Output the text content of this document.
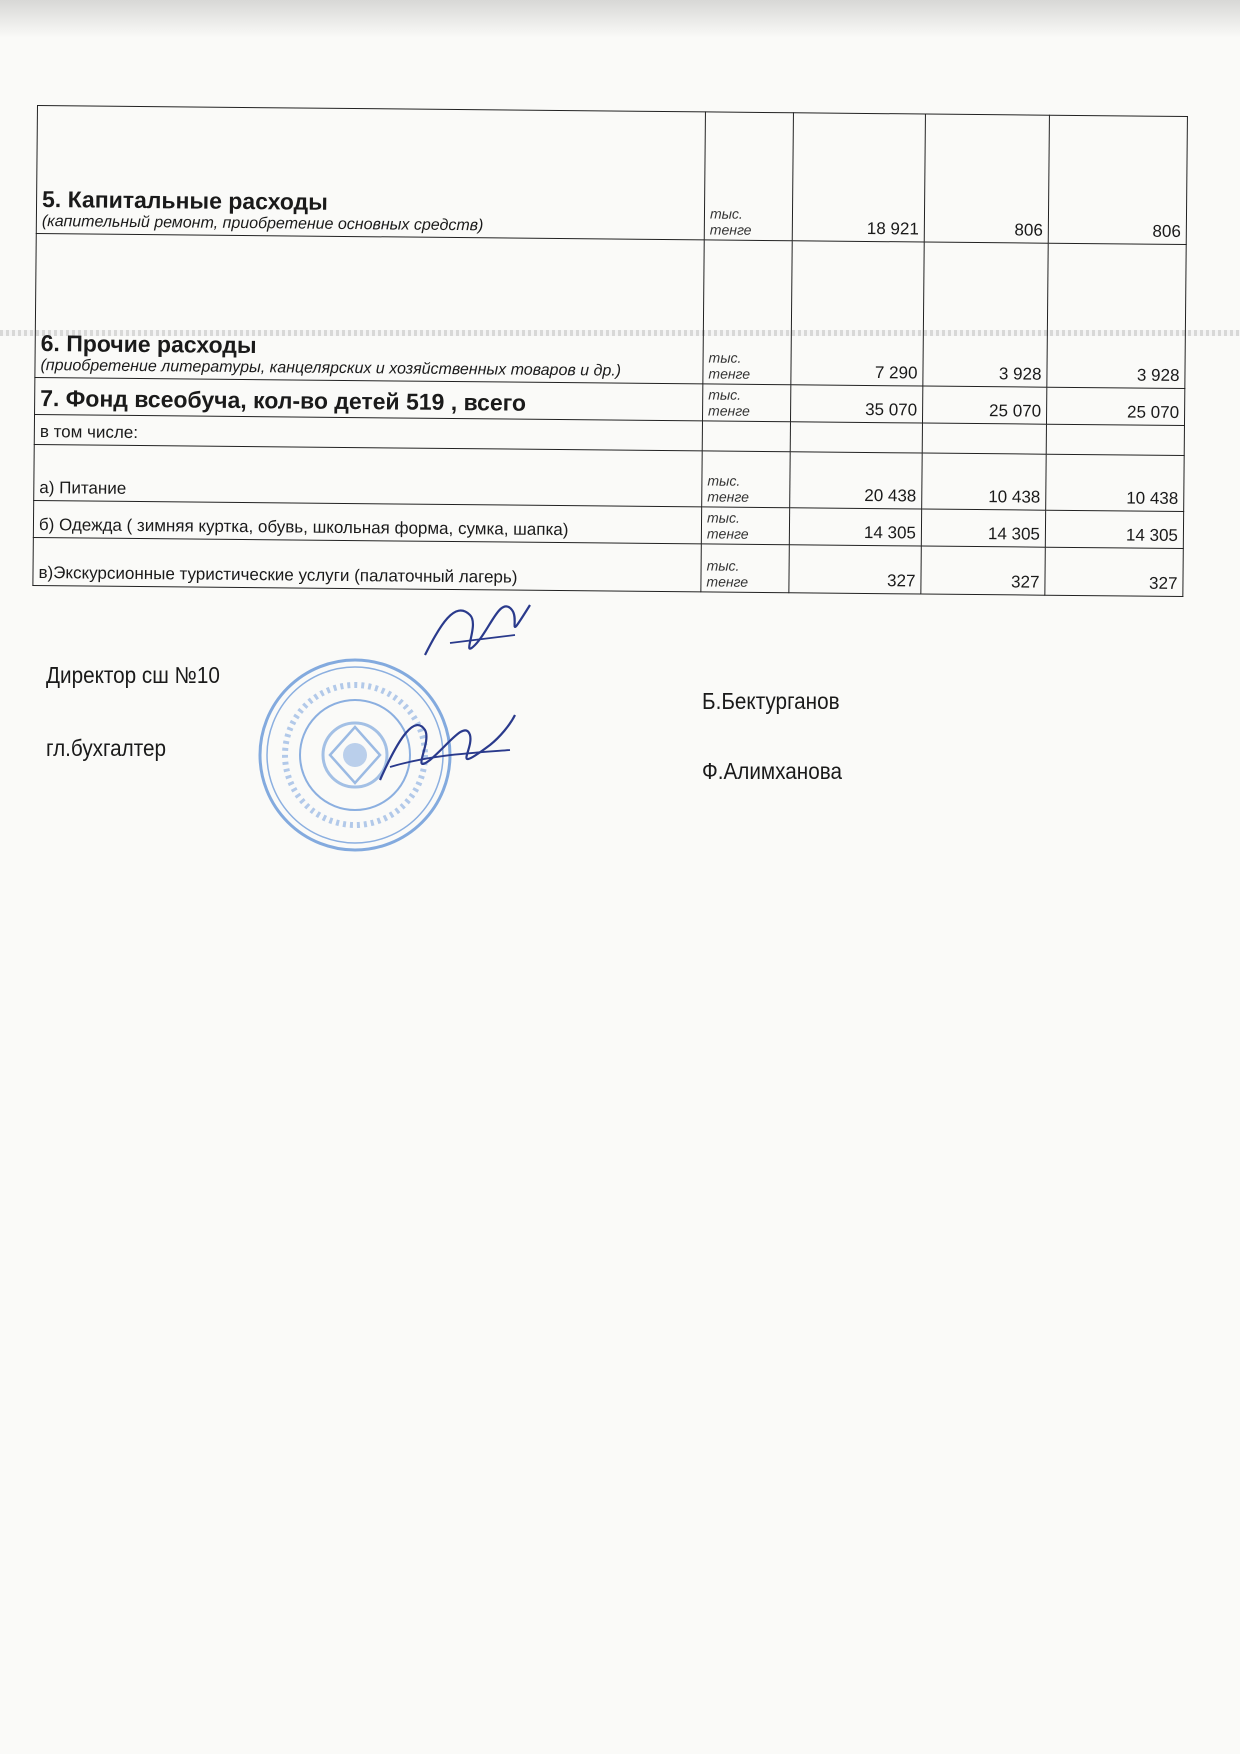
5. Капитальные расходы
(капительный ремонт, приобретение основных средств)	тыс. тенге	18 921	806	806

6. Прочие расходы
(приобретение литературы, канцелярских и хозяйственных товаров и др.)	тыс. тенге	7 290	3 928	3 928

7. Фонд всеобуча, кол-во детей 519 , всего	тыс. тенге	35 070	25 070	25 070
в том числе:				
а) Питание	тыс. тенге	20 438	10 438	10 438
б) Одежда ( зимняя куртка, обувь, школьная форма, сумка, шапка)	тыс. тенге	14 305	14 305	14 305
в)Экскурсионные туристические услуги (палаточный лагерь)	тыс. тенге	327	327	327
Директор сш №10
Б.Бектурганов
гл.бухгалтер
Ф.Алимханова
